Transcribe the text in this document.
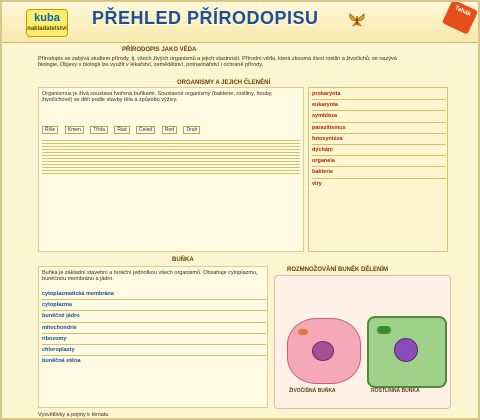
kuba
nakladatelství
PŘEHLED PŘÍRODOPISU	Tahák
PŘÍRODOPIS JAKO VĚDA
Přírodopis se zabývá studiem přírody, tj. všech živých organismů a jejich vlastností. Přírodní věda, která zkoumá život rostlin a živočichů, se nazývá biologie. Objevy v biologii lze využít v lékařství, zemědělství, potravinářství i ochraně přírody.
ORGANISMY A JEJICH ČLENĚNÍ
Organismus je živá soustava tvořená buňkami. Soustavné organismy (bakterie, rostliny, houby, živočichové) se dělí podle stavby těla a způsobu výživy.
Říše Kmen Třída Řád Čeleď Rod Druh
prokaryota
eukaryota
symbióza
parazitismus
fotosyntéza
dýchání
organela
bakterie
viry
BUŇKA
Buňka je základní stavební a funkční jednotkou všech organismů. Obsahuje cytoplazmu, buněčnou membránu a jádro.
cytoplazmatická membrána
cytoplazma
buněčné jádro
mitochondrie
ribozomy
chloroplasty
buněčná stěna
ROZMNOŽOVÁNÍ BUNĚK DĚLENÍM
ŽIVOČIŠNÁ BUŇKA	ROSTLINNÁ BUŇKA
Vysvětlivky a pojmy k tématu
